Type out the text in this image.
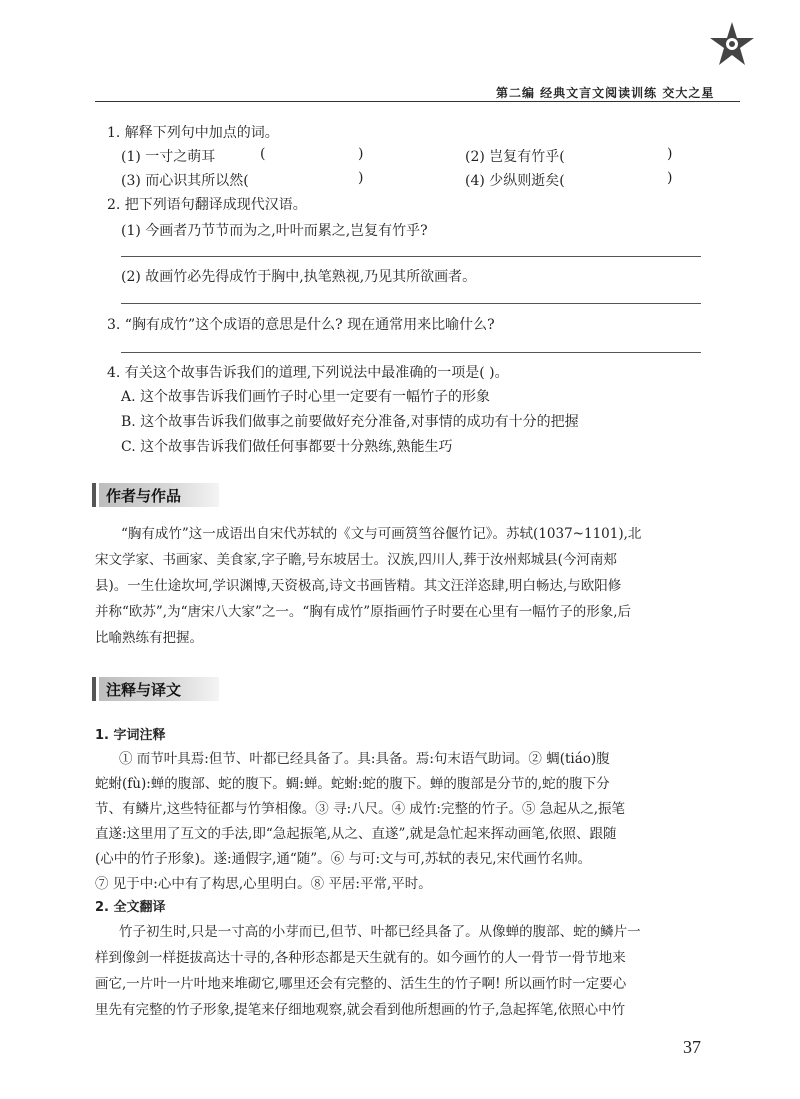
第二编 经典文言文阅读训练 交大之星
1. 解释下列句中加点的词。
(1) 一寸之萌耳	(	)	(2) 岂复有竹乎(	)
(3) 而心识其所以然(	)	(4) 少纵则逝矣(	)
2. 把下列语句翻译成现代汉语。
(1) 今画者乃节节而为之,叶叶而累之,岂复有竹乎?
(2) 故画竹必先得成竹于胸中,执笔熟视,乃见其所欲画者。
3. “胸有成竹”这个成语的意思是什么? 现在通常用来比喻什么?
4. 有关这个故事告诉我们的道理,下列说法中最准确的一项是( )。
A. 这个故事告诉我们画竹子时心里一定要有一幅竹子的形象
B. 这个故事告诉我们做事之前要做好充分准备,对事情的成功有十分的把握
C. 这个故事告诉我们做任何事都要十分熟练,熟能生巧
作者与作品
“胸有成竹”这一成语出自宋代苏轼的《文与可画筼筜谷偃竹记》。苏轼(1037~1101),北
宋文学家、书画家、美食家,字子瞻,号东坡居士。汉族,四川人,葬于汝州郏城县(今河南郏
县)。一生仕途坎坷,学识渊博,天资极高,诗文书画皆精。其文汪洋恣肆,明白畅达,与欧阳修
并称“欧苏”,为“唐宋八大家”之一。“胸有成竹”原指画竹子时要在心里有一幅竹子的形象,后
比喻熟练有把握。
注释与译文
1. 字词注释
① 而节叶具焉:但节、叶都已经具备了。具:具备。焉:句末语气助词。② 蜩(tiáo)腹
蛇蚹(fù):蝉的腹部、蛇的腹下。蜩:蝉。蛇蚹:蛇的腹下。蝉的腹部是分节的,蛇的腹下分
节、有鳞片,这些特征都与竹笋相像。③ 寻:八尺。④ 成竹:完整的竹子。⑤ 急起从之,振笔
直遂:这里用了互文的手法,即“急起振笔,从之、直遂”,就是急忙起来挥动画笔,依照、跟随
(心中的竹子形象)。遂:通假字,通“随”。⑥ 与可:文与可,苏轼的表兄,宋代画竹名帅。
⑦ 见于中:心中有了构思,心里明白。⑧ 平居:平常,平时。
2. 全文翻译
竹子初生时,只是一寸高的小芽而已,但节、叶都已经具备了。从像蝉的腹部、蛇的鳞片一
样到像剑一样挺拔高达十寻的,各种形态都是天生就有的。如今画竹的人一骨节一骨节地来
画它,一片叶一片叶地来堆砌它,哪里还会有完整的、活生生的竹子啊! 所以画竹时一定要心
里先有完整的竹子形象,提笔来仔细地观察,就会看到他所想画的竹子,急起挥笔,依照心中竹
37
